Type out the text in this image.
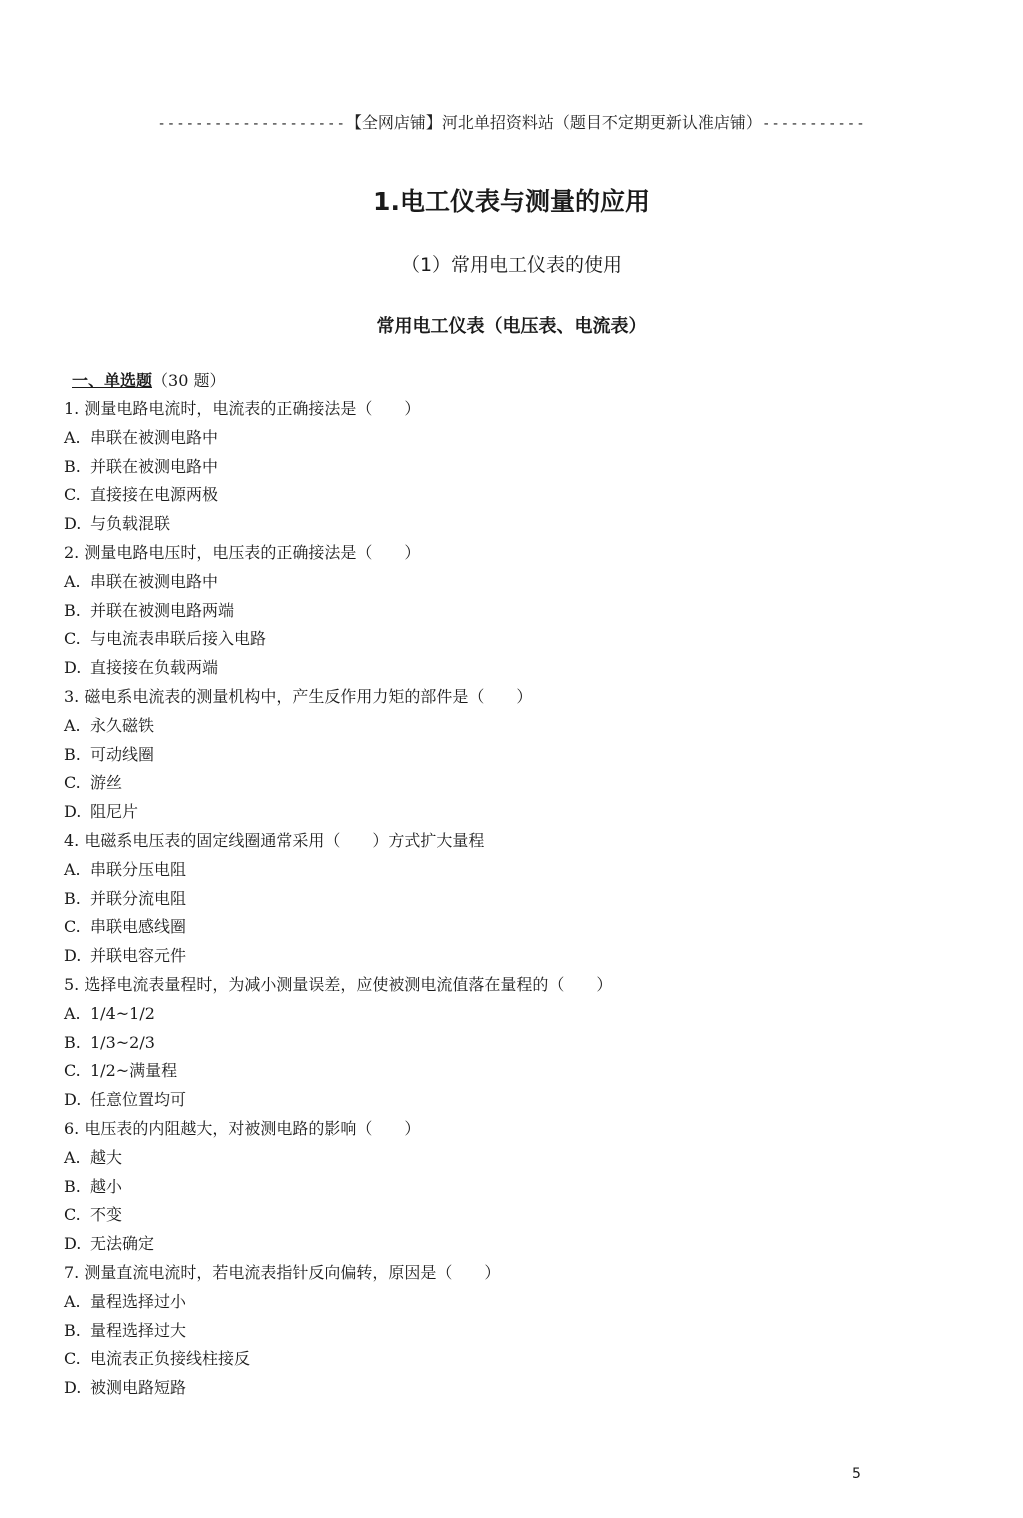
--------------------【全网店铺】河北单招资料站（题目不定期更新认准店铺）-----------
1.电工仪表与测量的应用
（1）常用电工仪表的使用
常用电工仪表（电压表、电流表）
一、单选题（30 题）
1. 测量电路电流时，电流表的正确接法是（　　）
A. 串联在被测电路中
B. 并联在被测电路中
C. 直接接在电源两极
D. 与负载混联
2. 测量电路电压时，电压表的正确接法是（　　）
A. 串联在被测电路中
B. 并联在被测电路两端
C. 与电流表串联后接入电路
D. 直接接在负载两端
3. 磁电系电流表的测量机构中，产生反作用力矩的部件是（　　）
A. 永久磁铁
B. 可动线圈
C. 游丝
D. 阻尼片
4. 电磁系电压表的固定线圈通常采用（　　）方式扩大量程
A. 串联分压电阻
B. 并联分流电阻
C. 串联电感线圈
D. 并联电容元件
5. 选择电流表量程时，为减小测量误差，应使被测电流值落在量程的（　　）
A. 1/4~1/2
B. 1/3~2/3
C. 1/2~满量程
D. 任意位置均可
6. 电压表的内阻越大，对被测电路的影响（　　）
A. 越大
B. 越小
C. 不变
D. 无法确定
7. 测量直流电流时，若电流表指针反向偏转，原因是（　　）
A. 量程选择过小
B. 量程选择过大
C. 电流表正负接线柱接反
D. 被测电路短路
5
